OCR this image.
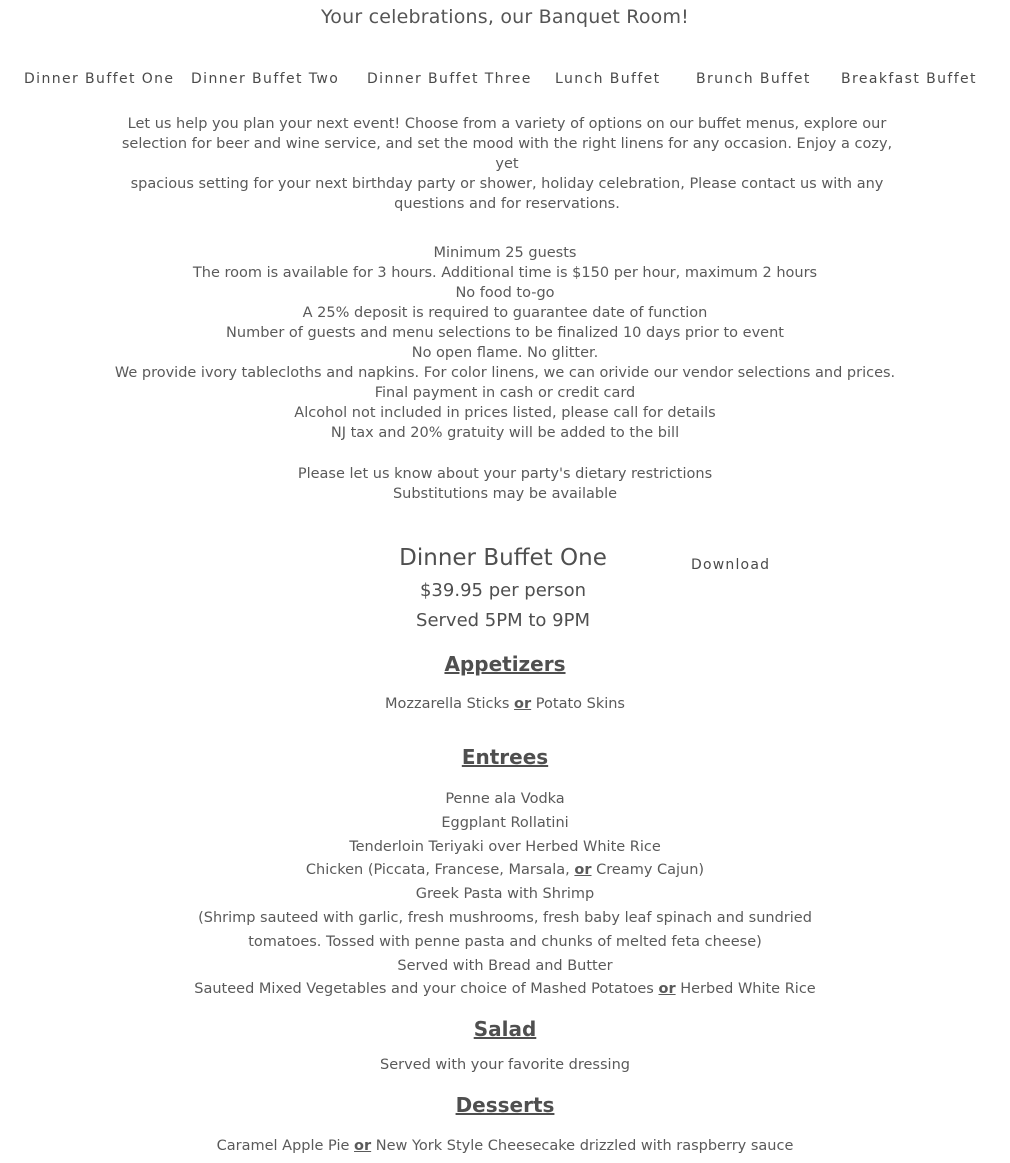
Your celebrations, our Banquet Room!
Dinner Buffet One Dinner Buffet Two Dinner Buffet Three Lunch Buffet	Brunch Buffet Breakfast Buffet
Let us help you plan your next event! Choose from a variety of options on our buffet menus, explore our
selection for beer and wine service, and set the mood with the right linens for any occasion. Enjoy a cozy, yet
spacious setting for your next birthday party or shower, holiday celebration, Please contact us with any
questions and for reservations.
Minimum 25 guests
The room is available for 3 hours. Additional time is $150 per hour, maximum 2 hours
No food to-go
A 25% deposit is required to guarantee date of function
Number of guests and menu selections to be finalized 10 days prior to event
No open flame. No glitter.
We provide ivory tablecloths and napkins. For color linens, we can orivide our vendor selections and prices.
Final payment in cash or credit card
Alcohol not included in prices listed, please call for details
NJ tax and 20% gratuity will be added to the bill
Please let us know about your party's dietary restrictions
Substitutions may be available
Dinner Buffet One
$39.95 per person
Served 5PM to 9PM
Download
Appetizers
Mozzarella Sticks or Potato Skins
Entrees
Penne ala Vodka
Eggplant Rollatini
Tenderloin Teriyaki over Herbed White Rice
Chicken (Piccata, Francese, Marsala, or Creamy Cajun)
Greek Pasta with Shrimp
(Shrimp sauteed with garlic, fresh mushrooms, fresh baby leaf spinach and sundried
tomatoes. Tossed with penne pasta and chunks of melted feta cheese)
Served with Bread and Butter
Sauteed Mixed Vegetables and your choice of Mashed Potatoes or Herbed White Rice
Salad
Served with your favorite dressing
Desserts
Caramel Apple Pie or New York Style Cheesecake drizzled with raspberry sauce
